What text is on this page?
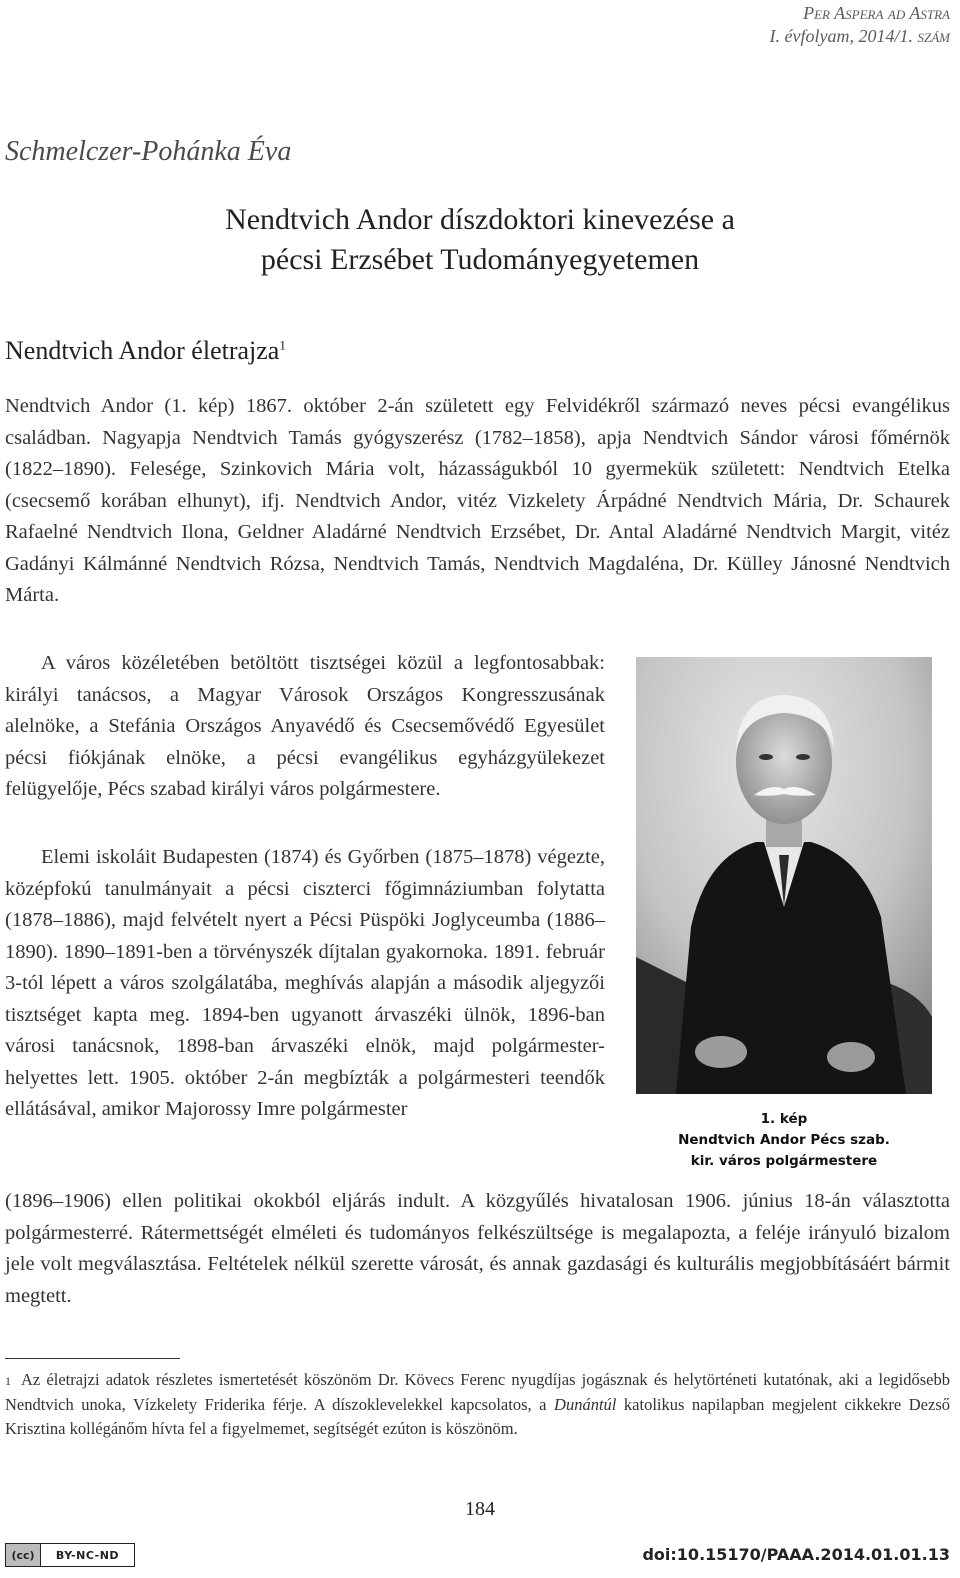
Per Aspera ad Astra
I. évfolyam, 2014/1. szám
Schmelczer-Pohánka Éva
Nendtvich Andor díszdoktori kinevezése a
pécsi Erzsébet Tudományegyetemen
Nendtvich Andor életrajza$^1$

Nendtvich Andor (1. kép) 1867. október 2-án született egy Felvidékről származó neves pécsi evangélikus családban. Nagyapja Nendtvich Tamás gyógyszerész (1782–1858), apja Nendtvich Sándor városi főmérnök (1822–1890). Felesége, Szinkovich Mária volt, házasságukból 10 gyermekük született: Nendtvich Etelka (csecsemő korában elhunyt), ifj. Nendtvich Andor, vitéz Vizkelety Árpádné Nendtvich Mária, Dr. Schaurek Rafaelné Nendtvich Ilona, Geldner Aladárné Nendtvich Erzsébet, Dr. Antal Aladárné Nendtvich Margit, vitéz Gadányi Kálmánné Nendtvich Rózsa, Nendtvich Tamás, Nendtvich Magdaléna, Dr. Külley Jánosné Nendtvich Márta.

A város közéletében betöltött tisztségei közül a legfontosabbak: királyi tanácsos, a Magyar Városok Országos Kongresszusának alelnöke, a Stefánia Országos Anyavédő és Csecsemővédő Egyesület pécsi fiókjának elnöke, a pécsi evangélikus egyházgyülekezet felügyelője, Pécs szabad királyi város polgármestere.

Elemi iskoláit Budapesten (1874) és Győrben (1875–1878) végezte, középfokú tanulmányait a pécsi ciszterci főgimnáziumban folytatta (1878–1886), majd felvételt nyert a Pécsi Püspöki Joglyceumba (1886–1890). 1890–1891-ben a törvényszék díjtalan gyakornoka. 1891. február 3-tól lépett a város szolgálatába, meghívás alapján a második aljegyzői tisztséget kapta meg. 1894-ben ugyanott árvaszéki ülnök, 1896-ban városi tanácsnok, 1898-ban árvaszéki elnök, majd polgármester-helyettes lett. 1905. október 2-án megbízták a polgármesteri teendők ellátásával, amikor Majorossy Imre polgármester

(1896–1906) ellen politikai okokból eljárás indult. A közgyűlés hivatalosan 1906. június 18-án választotta polgármesterré. Rátermettségét elméleti és tudományos felkészültsége is megalapozta, a feléje irányuló bizalom jele volt megválasztása. Feltételek nélkül szerette városát, és annak gazdasági és kulturális megjobbításáért bármit megtett.

1. kép
Nendtvich Andor Pécs szab.
kir. város polgármestere

1 Az életrajzi adatok részletes ismertetését köszönöm Dr. Kövecs Ferenc nyugdíjas jogásznak és helytörténeti kutatónak, aki a legidősebb Nendtvich unoka, Vízkelety Friderika férje. A díszoklevelekkel kapcsolatos, a Dunántúl katolikus napilapban megjelent cikkekre Dezső Krisztina kollégánőm hívta fel a figyelmemet, segítségét ezúton is köszönöm.

184
(cc)	BY-NC-ND	doi:10.15170/PAAA.2014.01.01.13
